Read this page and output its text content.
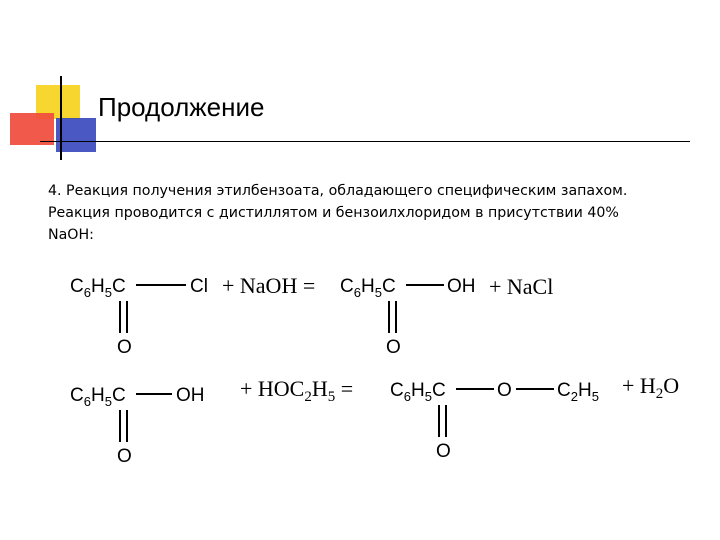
Продолжение
4. Реакция получения этилбензоата, обладающего специфическим запахом.
Реакция проводится с дистиллятом и бензоилхлоридом в присутствии 40%
NaOH:
$C_6H_5C$	Cl
O
+ NaOH = $C_6H_5C$	OH
O
+ NaCl
$C_6H_5C$	OH
O
+ $HOC_2H_5 = C_6H_5C$	O $C_2H_5$
O
+ $H_2O$
